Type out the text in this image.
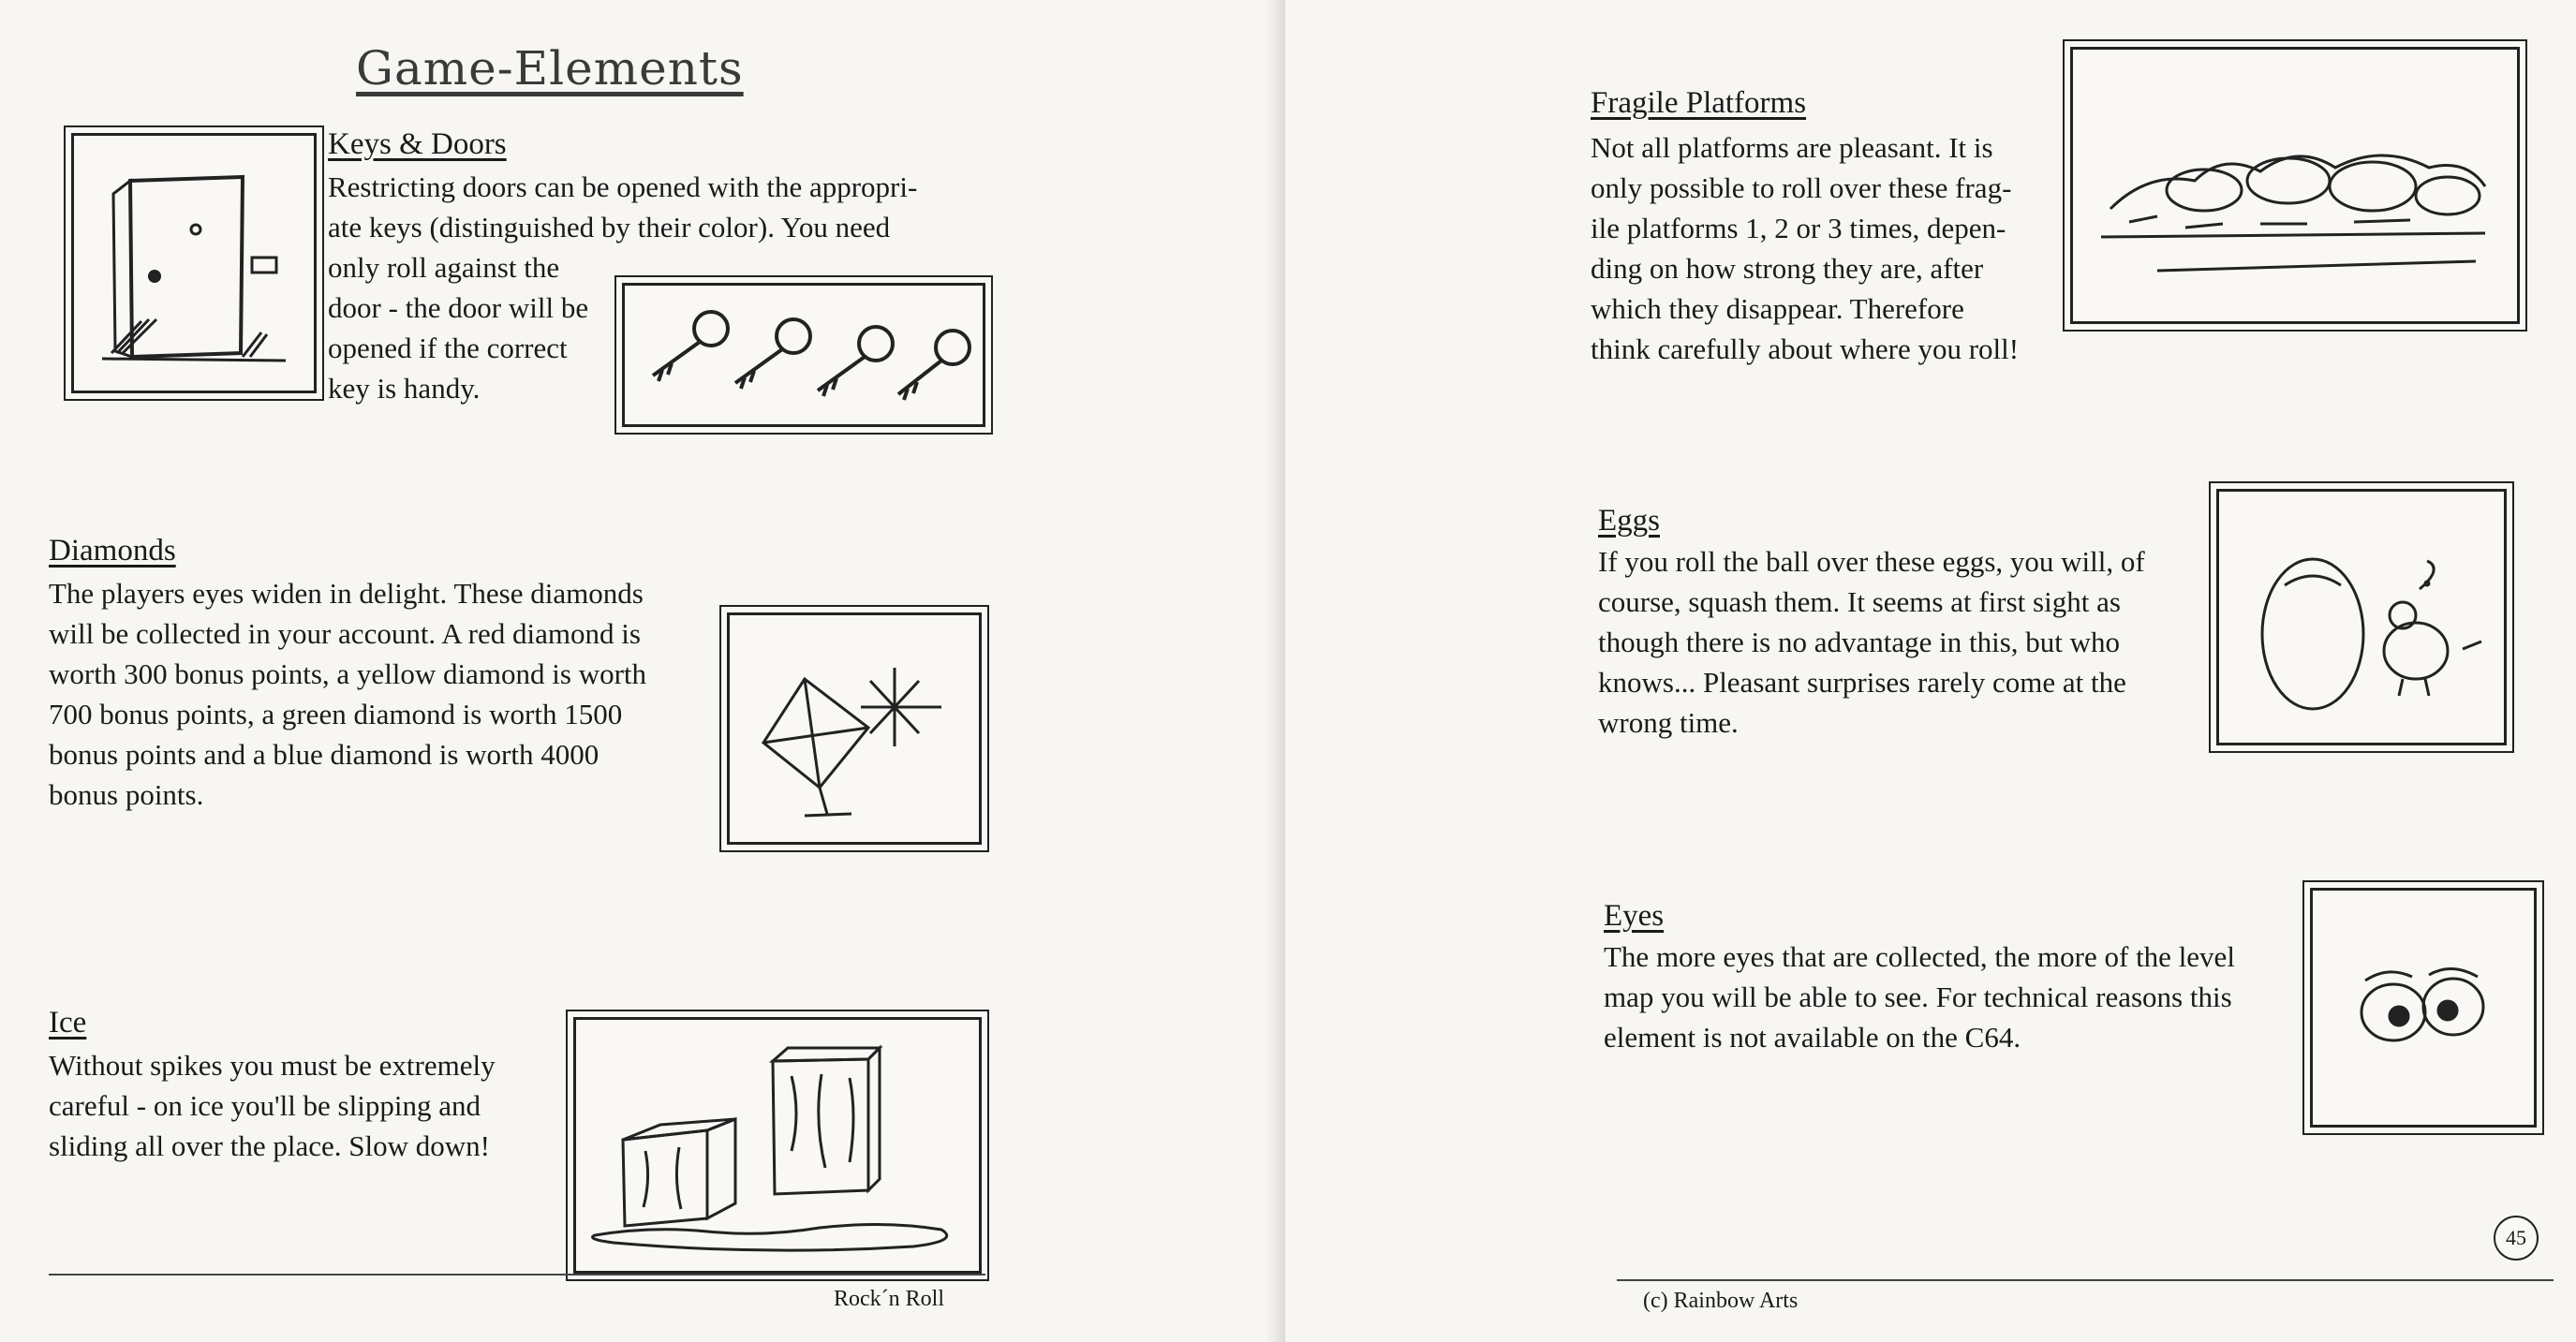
Game-Elements
Keys & Doors
Restricting doors can be opened with the appropri-
ate keys (distinguished by their color). You need
only roll against the
door - the door will be
opened if the correct
key is handy.
Diamonds
The players eyes widen in delight. These diamonds
will be collected in your account. A red diamond is
worth 300 bonus points, a yellow diamond is worth
700 bonus points, a green diamond is worth 1500
bonus points and a blue diamond is worth 4000
bonus points.
Ice
Without spikes you must be extremely
careful - on ice you'll be slipping and
sliding all over the place. Slow down!
Rock´n Roll
Fragile Platforms
Not all platforms are pleasant. It is
only possible to roll over these frag-
ile platforms 1, 2 or 3 times, depen-
ding on how strong they are, after
which they disappear. Therefore
think carefully about where you roll!
Eggs
If you roll the ball over these eggs, you will, of
course, squash them. It seems at first sight as
though there is no advantage in this, but who
knows... Pleasant surprises rarely come at the
wrong time.
Eyes
The more eyes that are collected, the more of the level
map you will be able to see. For technical reasons this
element is not available on the C64.
45
(c) Rainbow Arts
